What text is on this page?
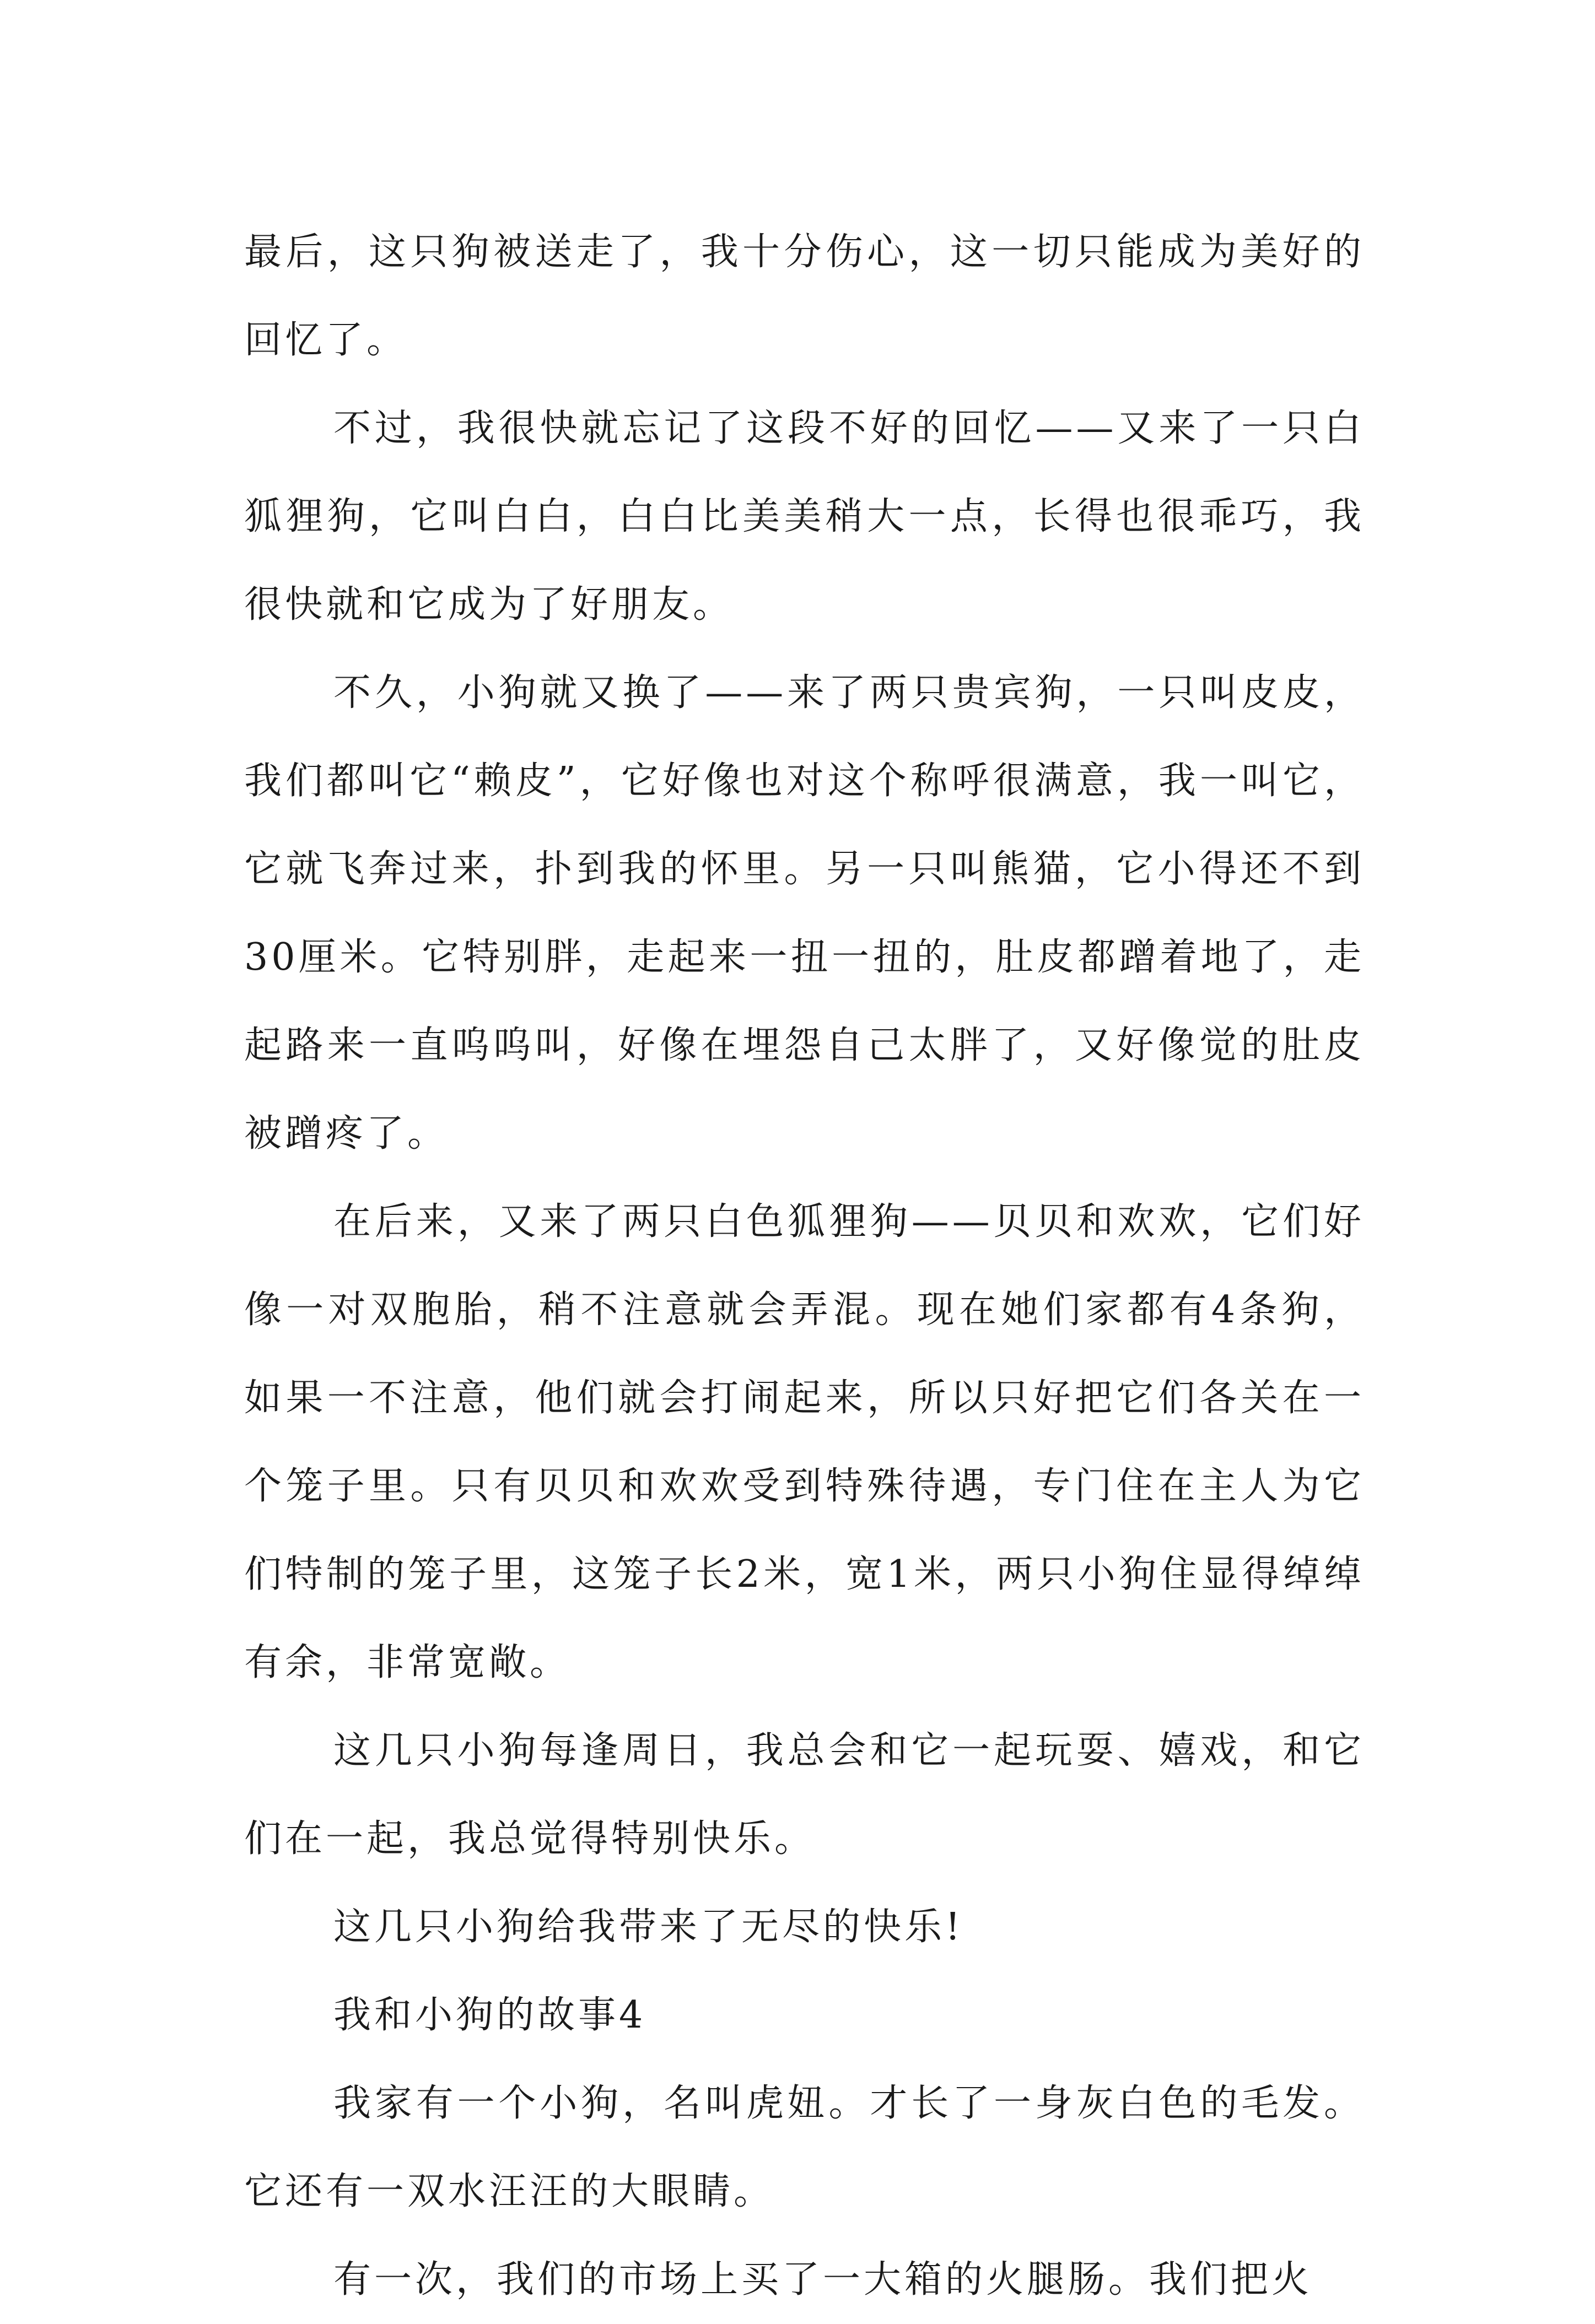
最后，这只狗被送走了，我十分伤心，这一切只能成为美好的回忆了。

不过，我很快就忘记了这段不好的回忆——又来了一只白狐狸狗，它叫白白，白白比美美稍大一点，长得也很乖巧，我很快就和它成为了好朋友。

不久，小狗就又换了——来了两只贵宾狗，一只叫皮皮，我们都叫它“赖皮”，它好像也对这个称呼很满意，我一叫它，它就飞奔过来，扑到我的怀里。另一只叫熊猫，它小得还不到30厘米。它特别胖，走起来一扭一扭的，肚皮都蹭着地了，走起路来一直呜呜叫，好像在埋怨自己太胖了，又好像觉的肚皮被蹭疼了。

在后来，又来了两只白色狐狸狗——贝贝和欢欢，它们好像一对双胞胎，稍不注意就会弄混。现在她们家都有4条狗，如果一不注意，他们就会打闹起来，所以只好把它们各关在一个笼子里。只有贝贝和欢欢受到特殊待遇，专门住在主人为它们特制的笼子里，这笼子长2米，宽1米，两只小狗住显得绰绰有余，非常宽敞。

这几只小狗每逢周日，我总会和它一起玩耍、嬉戏，和它们在一起，我总觉得特别快乐。

这几只小狗给我带来了无尽的快乐!

我和小狗的故事4

我家有一个小狗，名叫虎妞。才长了一身灰白色的毛发。它还有一双水汪汪的大眼睛。

有一次，我们的市场上买了一大箱的火腿肠。我们把火
